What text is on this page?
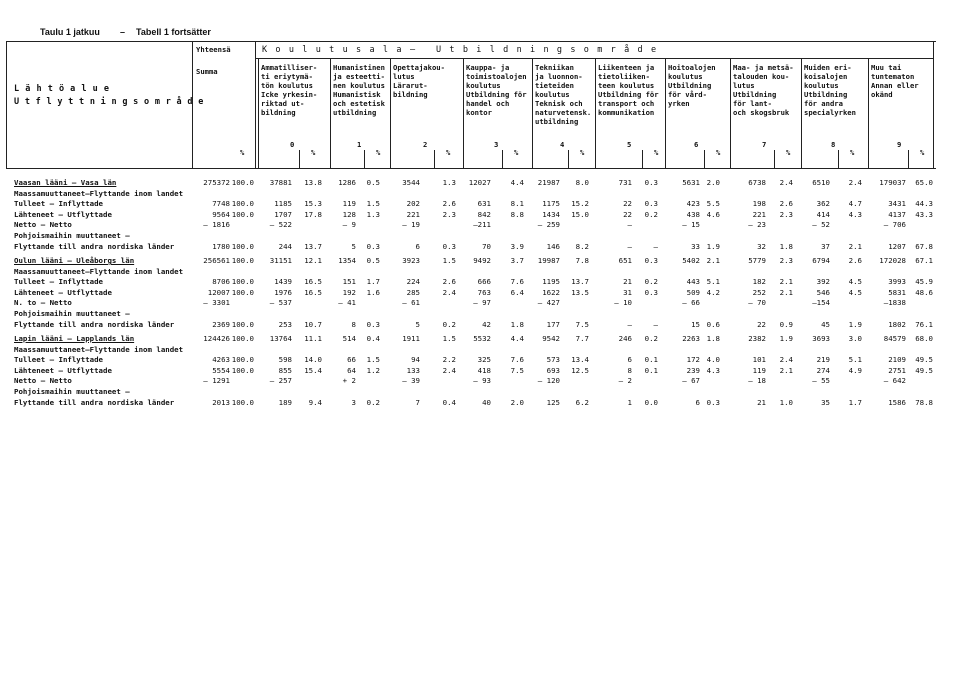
Taulu 1 jatkuu – Tabell 1 fortsätter
L ä h t ö a l u e
U t f l y t t n i n g s o m r å d e
Yhteensä
Summa
%
K o u l u t u s a l a – U t b i l d n i n g s o m r å d e
Ammatilliser-
ti eriytymä-
tön koulutus
Icke yrkesin-
riktad ut-
bildning
0
%
Humanistinen
ja esteetti-
nen koulutus
Humanistisk
och estetisk
utbildning
1
%
Opettajakou-
lutus
Lärarut-
bildning
2
%
Kauppa- ja
toimistoalojen
koulutus
Utbildning för
handel och
kontor
3
%
Tekniikan
ja luonnon-
tieteiden
koulutus
Teknisk och
naturvetensk.
utbildning
4
%
Liikenteen ja
tietoliiken-
teen koulutus
Utbildning för
transport och
kommunikation
5
%
Hoitoalojen
koulutus
Utbildning
för vård-
yrken
6
%
Maa- ja metsä-
talouden kou-
lutus
Utbildning
för lant-
och skogsbruk
7
%
Muiden eri-
koisalojen
koulutus
Utbildning
för andra
specialyrken
8
%
Muu tai
tuntematon
Annan eller
okänd
9
%
Vaasan lääni – Vasa län	275372 100.0 37881 13.8 1286 0.5	3544	1.3 12027	4.4 21987 8.0	731 0.3	5631 2.0	6738 2.4	6510	2.4 179037 65.0
Maassamuuttaneet–Flyttande inom landet
Tulleet – Inflyttade	7748 100.0	1185 15.3	119 1.5	202	2.6	631	8.1 1175 15.2	22 0.3	423 5.5	198 2.6	362	4.7	3431 44.3
Lähteneet – Utflyttade	9564 100.0	1707 17.8	128 1.3	221	2.3	842	8.8 1434 15.0	22 0.2	438 4.6	221 2.3	414	4.3	4137 43.3
Netto – Netto	– 1816	– 522	– 9	– 19	–211	– 259	–	– 15	– 23	– 52	– 706
Pohjoismaihin muuttaneet –
Flyttande till andra nordiska länder	1780 100.0	244 13.7	5 0.3	6	0.3	70	3.9	146 8.2	–	–	33 1.9	32 1.8	37	2.1	1207 67.8
Oulun lääni – Uleåborgs län	256561 100.0 31151 12.1 1354 0.5	3923	1.5 9492	3.7 19987 7.8	651 0.3	5402 2.1	5779 2.3	6794	2.6 172028 67.1
Maassamuuttaneet–Flyttande inom landet
Tulleet – Inflyttade	8706 100.0	1439 16.5	151 1.7	224	2.6	666	7.6 1195 13.7	21 0.2	443 5.1	182 2.1	392	4.5	3993 45.9
Lähteneet – Utflyttade	12007 100.0	1976 16.5	192 1.6	285	2.4	763	6.4 1622 13.5	31 0.3	509 4.2	252 2.1	546	4.5	5831 48.6
N. to – Netto	– 3301	– 537	– 41	– 61	– 97	– 427	– 10	– 66	– 70	–154	–1838
Pohjoismaihin muuttaneet –
Flyttande till andra nordiska länder	2369 100.0	253 10.7	8 0.3	5	0.2	42	1.8	177 7.5	–	–	15 0.6	22 0.9	45	1.9	1802 76.1
Lapin lääni – Lapplands län	124426 100.0 13764 11.1	514 0.4	1911	1.5 5532	4.4 9542 7.7	246 0.2	2263 1.8	2382 1.9	3693	3.0	84579 68.0
Maassamuuttaneet–Flyttande inom landet
Tulleet – Inflyttade	4263 100.0	598 14.0	66 1.5	94	2.2	325	7.6	573 13.4	6 0.1	172 4.0	101 2.4	219	5.1	2109 49.5
Lähteneet – Utflyttade	5554 100.0	855 15.4	64 1.2	133	2.4	418	7.5	693 12.5	8 0.1	239 4.3	119 2.1	274	4.9	2751 49.5
Netto – Netto	– 1291	– 257	+ 2	– 39	– 93	– 120	– 2	– 67	– 18	– 55	– 642
Pohjoismaihin muuttaneet –
Flyttande till andra nordiska länder	2013 100.0	189 9.4	3 0.2	7	0.4	40	2.0	125 6.2	1 0.0	6 0.3	21 1.0	35	1.7	1586 78.8
